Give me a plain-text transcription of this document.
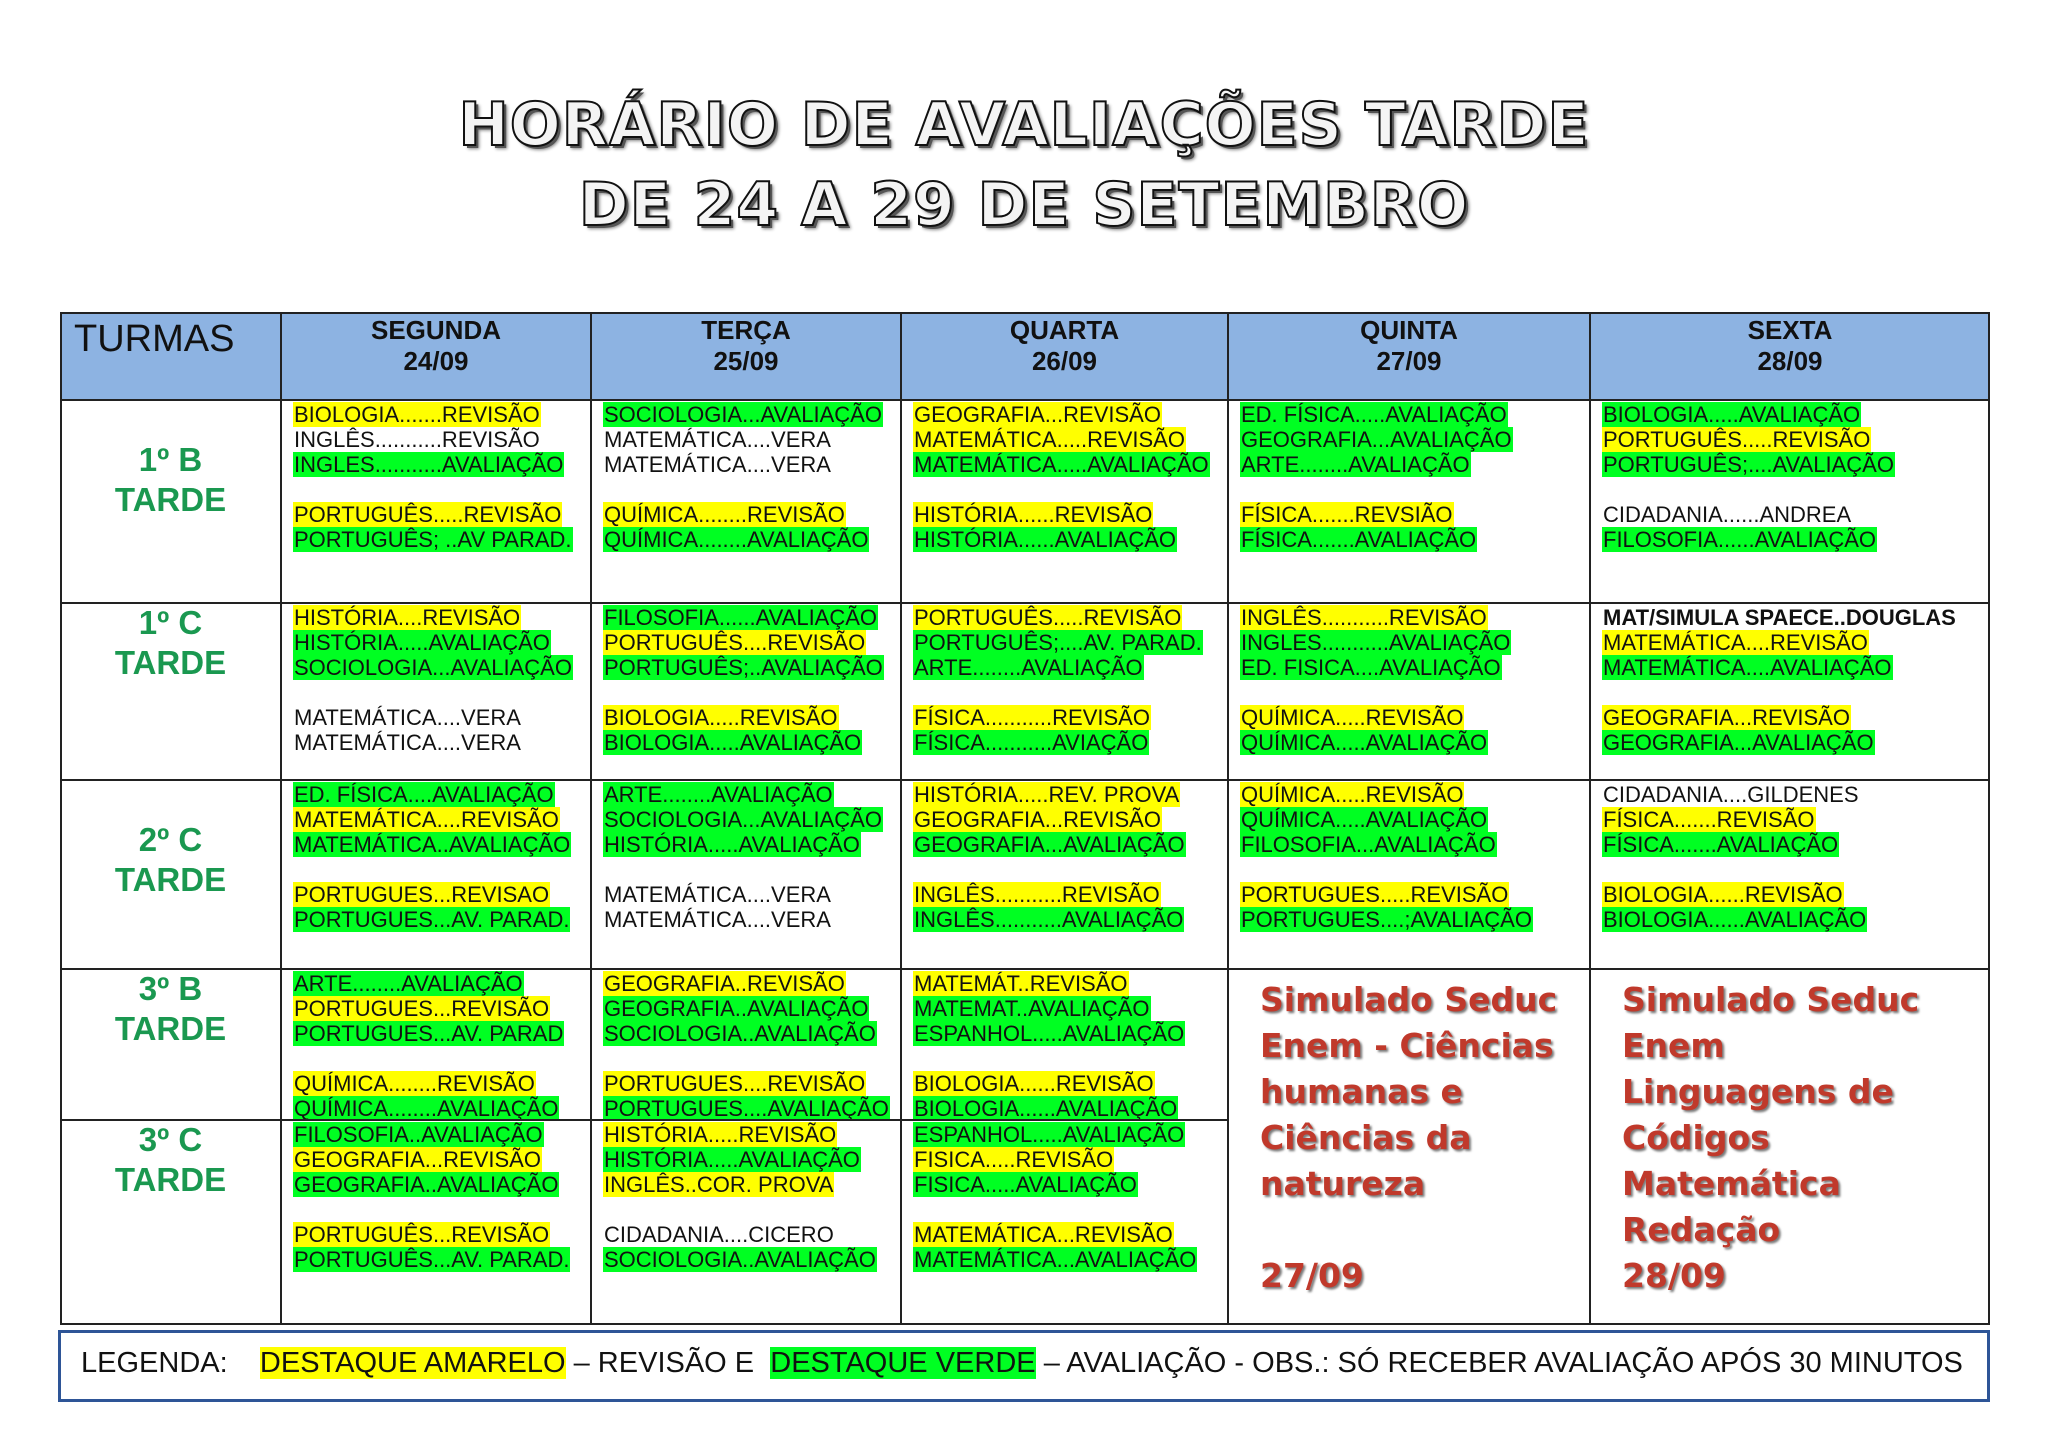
HORÁRIO DE AVALIAÇÕES TARDE
DE 24 A 29 DE SETEMBRO
TURMAS	SEGUNDA
24/09
TERÇA
25/09
QUARTA
26/09
QUINTA
27/09
SEXTA
28/09
1º B
TARDE
BIOLOGIA.......REVISÃO
INGLÊS...........REVISÃO
INGLES...........AVALIAÇÃO
PORTUGUÊS.....REVISÃO
PORTUGUÊS; ..AV PARAD.
SOCIOLOGIA...AVALIAÇÃO
MATEMÁTICA....VERA
MATEMÁTICA....VERA
QUÍMICA........REVISÃO
QUÍMICA........AVALIAÇÃO
GEOGRAFIA...REVISÃO
MATEMÁTICA.....REVISÃO
MATEMÁTICA.....AVALIAÇÃO
HISTÓRIA......REVISÃO
HISTÓRIA......AVALIAÇÃO
ED. FÍSICA.....AVALIAÇÃO
GEOGRAFIA...AVALIAÇÃO
ARTE........AVALIAÇÃO
FÍSICA.......REVSIÃO
FÍSICA.......AVALIAÇÃO
BIOLOGIA.....AVALIAÇÃO
PORTUGUÊS.....REVISÃO
PORTUGUÊS;....AVALIAÇÃO
CIDADANIA......ANDREA
FILOSOFIA......AVALIAÇÃO
1º C
TARDE
HISTÓRIA....REVISÃO
HISTÓRIA.....AVALIAÇÃO
SOCIOLOGIA...AVALIAÇÃO
MATEMÁTICA....VERA
MATEMÁTICA....VERA
FILOSOFIA......AVALIAÇÃO
PORTUGUÊS....REVISÃO
PORTUGUÊS;..AVALIAÇÃO
BIOLOGIA.....REVISÃO
BIOLOGIA.....AVALIAÇÃO
PORTUGUÊS.....REVISÃO
PORTUGUÊS;....AV. PARAD.
ARTE........AVALIAÇÃO
FÍSICA...........REVISÃO
FÍSICA...........AVIAÇÃO
INGLÊS...........REVISÃO
INGLES...........AVALIAÇÃO
ED. FISICA....AVALIAÇÃO
QUÍMICA.....REVISÃO
QUÍMICA.....AVALIAÇÃO
MAT/SIMULA SPAECE..DOUGLAS
MATEMÁTICA....REVISÃO
MATEMÁTICA....AVALIAÇÃO
GEOGRAFIA...REVISÃO
GEOGRAFIA...AVALIAÇÃO
2º C
TARDE
ED. FÍSICA....AVALIAÇÃO
MATEMÁTICA....REVISÃO
MATEMÁTICA..AVALIAÇÃO
PORTUGUES...REVISAO
PORTUGUES...AV. PARAD.
ARTE........AVALIAÇÃO
SOCIOLOGIA...AVALIAÇÃO
HISTÓRIA.....AVALIAÇÃO
MATEMÁTICA....VERA
MATEMÁTICA....VERA
HISTÓRIA.....REV. PROVA
GEOGRAFIA...REVISÃO
GEOGRAFIA...AVALIAÇÃO
INGLÊS...........REVISÃO
INGLÊS...........AVALIAÇÃO
QUÍMICA.....REVISÃO
QUÍMICA.....AVALIAÇÃO
FILOSOFIA...AVALIAÇÃO
PORTUGUES.....REVISÃO
PORTUGUES....;AVALIAÇÃO
CIDADANIA....GILDENES
FÍSICA.......REVISÃO
FÍSICA.......AVALIAÇÃO
BIOLOGIA......REVISÃO
BIOLOGIA......AVALIAÇÃO
3º B
TARDE
ARTE........AVALIAÇÃO
PORTUGUES...REVISÃO
PORTUGUES...AV. PARAD
QUÍMICA........REVISÃO
QUÍMICA........AVALIAÇÃO
GEOGRAFIA..REVISÃO
GEOGRAFIA..AVALIAÇÃO
SOCIOLOGIA..AVALIAÇÃO
PORTUGUES....REVISÃO
PORTUGUES....AVALIAÇÃO
MATEMÁT..REVISÃO
MATEMAT..AVALIAÇÃO
ESPANHOL.....AVALIAÇÃO
BIOLOGIA......REVISÃO
BIOLOGIA......AVALIAÇÃO
3º C
TARDE
FILOSOFIA..AVALIAÇÃO
GEOGRAFIA...REVISÃO
GEOGRAFIA..AVALIAÇÃO
PORTUGUÊS...REVISÃO
PORTUGUÊS...AV. PARAD.
HISTÓRIA.....REVISÃO
HISTÓRIA.....AVALIAÇÃO
INGLÊS..COR. PROVA
CIDADANIA....CICERO
SOCIOLOGIA..AVALIAÇÃO
ESPANHOL.....AVALIAÇÃO
FISICA.....REVISÃO
FISICA.....AVALIAÇÃO
MATEMÁTICA...REVISÃO
MATEMÁTICA...AVALIAÇÃO
Simulado Seduc
Enem - Ciências
humanas e
Ciências da
natureza

27/09
Simulado Seduc
Enem
Linguagens de
Códigos
Matemática
Redação
28/09
LEGENDA: DESTAQUE AMARELO – REVISÃO E DESTAQUE VERDE – AVALIAÇÃO - OBS.: SÓ RECEBER AVALIAÇÃO APÓS 30 MINUTOS
